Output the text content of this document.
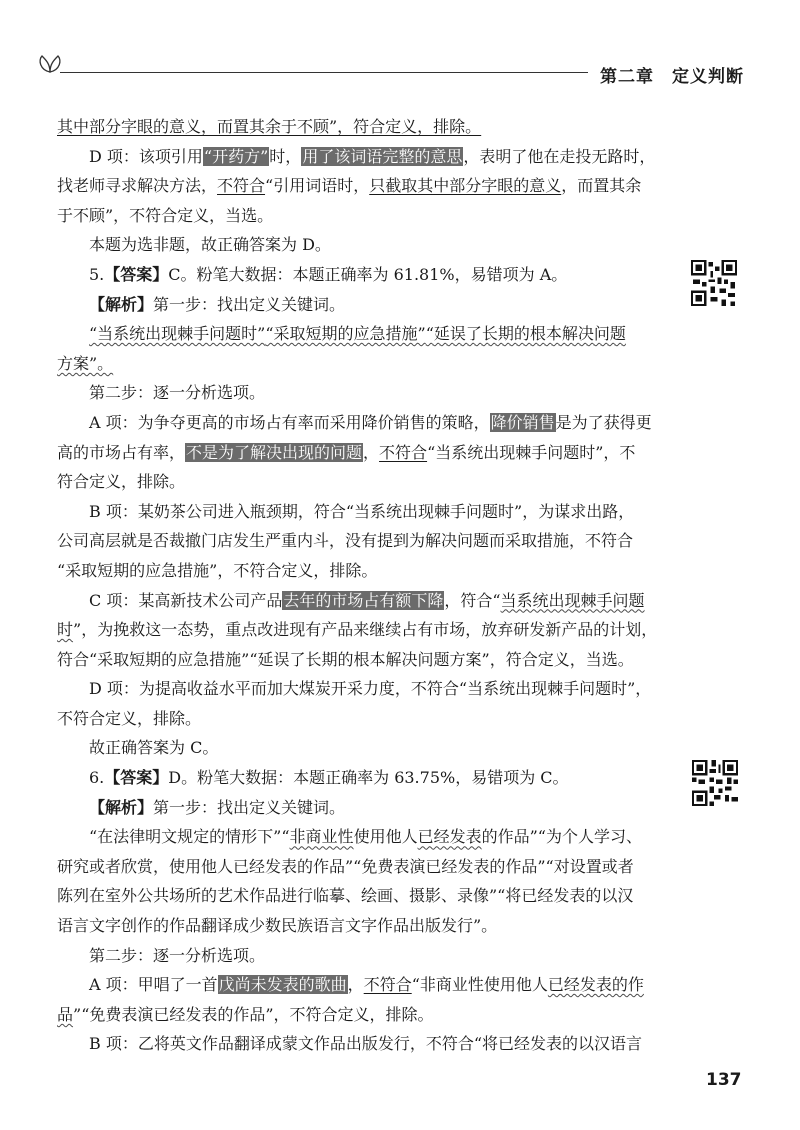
第二章 定义判断

其中部分字眼的意义，而置其余于不顾”，符合定义，排除。

D 项：该项引用“开药方”时，用了该词语完整的意思，表明了他在走投无路时，

找老师寻求解决方法，不符合“引用词语时，只截取其中部分字眼的意义，而置其余

于不顾”，不符合定义，当选。

本题为选非题，故正确答案为 D。

5.【答案】C。粉笔大数据：本题正确率为 61.81%，易错项为 A。

【解析】第一步：找出定义关键词。

“当系统出现棘手问题时”“采取短期的应急措施”“延误了长期的根本解决问题

方案”。

第二步：逐一分析选项。

A 项：为争夺更高的市场占有率而采用降价销售的策略，降价销售是为了获得更

高的市场占有率，不是为了解决出现的问题，不符合“当系统出现棘手问题时”，不

符合定义，排除。

B 项：某奶茶公司进入瓶颈期，符合“当系统出现棘手问题时”，为谋求出路，

公司高层就是否裁撤门店发生严重内斗，没有提到为解决问题而采取措施，不符合

“采取短期的应急措施”，不符合定义，排除。

C 项：某高新技术公司产品去年的市场占有额下降，符合“当系统出现棘手问题

时”，为挽救这一态势，重点改进现有产品来继续占有市场，放弃研发新产品的计划，

符合“采取短期的应急措施”“延误了长期的根本解决问题方案”，符合定义，当选。

D 项：为提高收益水平而加大煤炭开采力度，不符合“当系统出现棘手问题时”，

不符合定义，排除。

故正确答案为 C。

6.【答案】D。粉笔大数据：本题正确率为 63.75%，易错项为 C。

【解析】第一步：找出定义关键词。

“在法律明文规定的情形下”“非商业性使用他人已经发表的作品”“为个人学习、

研究或者欣赏，使用他人已经发表的作品”“免费表演已经发表的作品”“对设置或者

陈列在室外公共场所的艺术作品进行临摹、绘画、摄影、录像”“将已经发表的以汉

语言文字创作的作品翻译成少数民族语言文字作品出版发行”。

第二步：逐一分析选项。

A 项：甲唱了一首戊尚未发表的歌曲，不符合“非商业性使用他人已经发表的作

品”“免费表演已经发表的作品”，不符合定义，排除。

B 项：乙将英文作品翻译成蒙文作品出版发行，不符合“将已经发表的以汉语言

137
